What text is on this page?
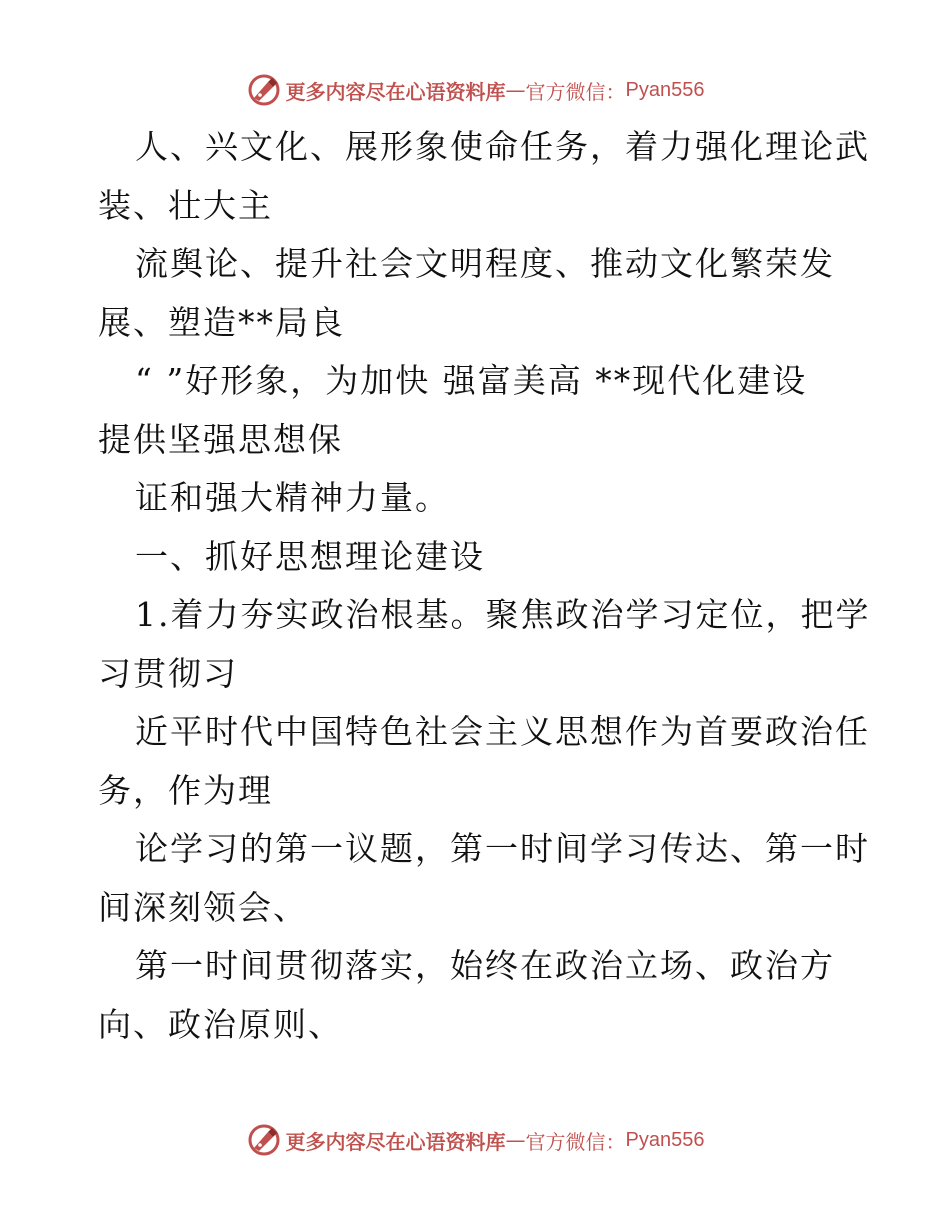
更多内容尽在心语资料库 — 官方微信： Pyan556
人、兴文化、展形象使命任务，着力强化理论武
装、壮大主
流舆论、提升社会文明程度、推动文化繁荣发
展、塑造**局良
“ ”好形象，为加快 强富美高 **现代化建设
提供坚强思想保
证和强大精神力量。
一、抓好思想理论建设
1.着力夯实政治根基。聚焦政治学习定位，把学
习贯彻习
近平时代中国特色社会主义思想作为首要政治任
务，作为理
论学习的第一议题，第一时间学习传达、第一时
间深刻领会、
第一时间贯彻落实，始终在政治立场、政治方
向、政治原则、
更多内容尽在心语资料库 — 官方微信： Pyan556
